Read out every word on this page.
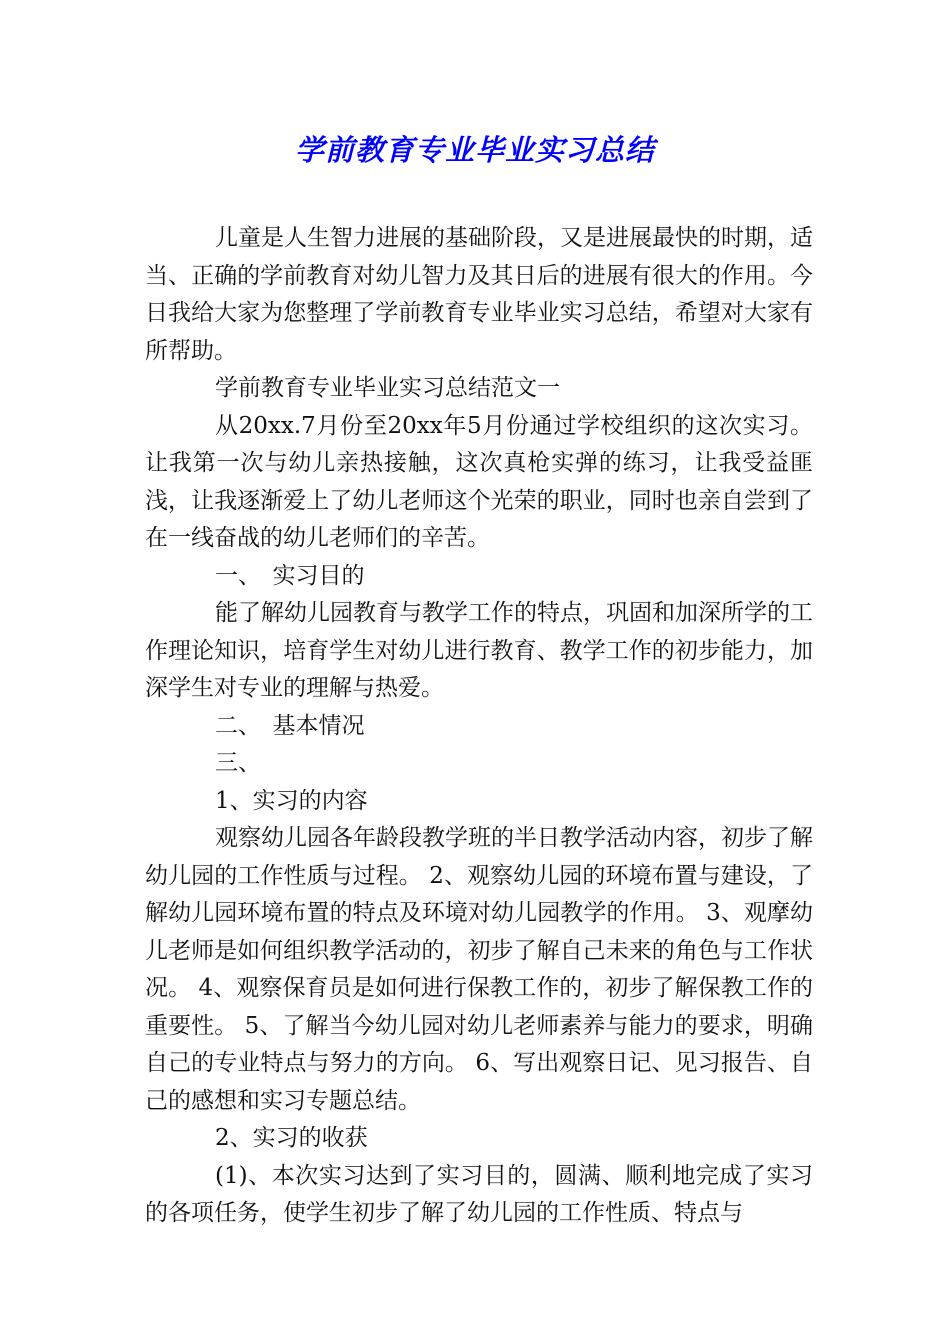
学前教育专业毕业实习总结

儿童是人生智力进展的基础阶段，又是进展最快的时期，适当、正确的学前教育对幼儿智力及其日后的进展有很大的作用。今日我给大家为您整理了学前教育专业毕业实习总结，希望对大家有所帮助。

学前教育专业毕业实习总结范文一

从20xx.7月份至20xx年5月份通过学校组织的这次实习。让我第一次与幼儿亲热接触，这次真枪实弹的练习，让我受益匪浅，让我逐渐爱上了幼儿老师这个光荣的职业，同时也亲自尝到了在一线奋战的幼儿老师们的辛苦。

一、　实习目的

能了解幼儿园教育与教学工作的特点，巩固和加深所学的工作理论知识，培育学生对幼儿进行教育、教学工作的初步能力，加深学生对专业的理解与热爱。

二、　基本情况

三、

1、实习的内容

观察幼儿园各年龄段教学班的半日教学活动内容，初步了解幼儿园的工作性质与过程。 2、观察幼儿园的环境布置与建设，了解幼儿园环境布置的特点及环境对幼儿园教学的作用。 3、观摩幼儿老师是如何组织教学活动的，初步了解自己未来的角色与工作状况。 4、观察保育员是如何进行保教工作的，初步了解保教工作的重要性。 5、了解当今幼儿园对幼儿老师素养与能力的要求，明确自己的专业特点与努力的方向。 6、写出观察日记、见习报告、自己的感想和实习专题总结。

2、实习的收获

(1)、本次实习达到了实习目的，圆满、顺利地完成了实习的各项任务，使学生初步了解了幼儿园的工作性质、特点与
